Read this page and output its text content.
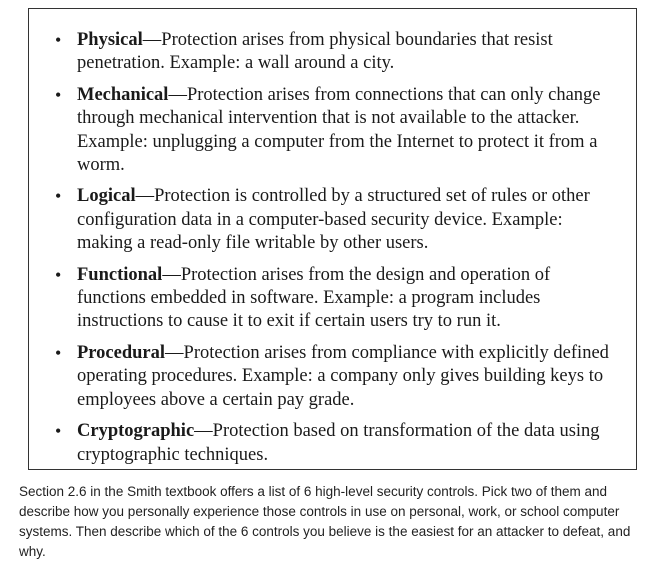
• Physical—Protection arises from physical boundaries that resist penetration. Example: a wall around a city.
• Mechanical—Protection arises from connections that can only change through mechanical intervention that is not available to the attacker. Example: unplugging a computer from the Internet to protect it from a worm.
• Logical—Protection is controlled by a structured set of rules or other configuration data in a computer-based security device. Example: making a read-only file writable by other users.
• Functional—Protection arises from the design and operation of functions embedded in software. Example: a program includes instructions to cause it to exit if certain users try to run it.
• Procedural—Protection arises from compliance with explicitly defined operating procedures. Example: a company only gives building keys to employees above a certain pay grade.
• Cryptographic—Protection based on transformation of the data using cryptographic techniques.

Section 2.6 in the Smith textbook offers a list of 6 high-level security controls. Pick two of them and describe how you personally experience those controls in use on personal, work, or school computer systems. Then describe which of the 6 controls you believe is the easiest for an attacker to defeat, and why.
